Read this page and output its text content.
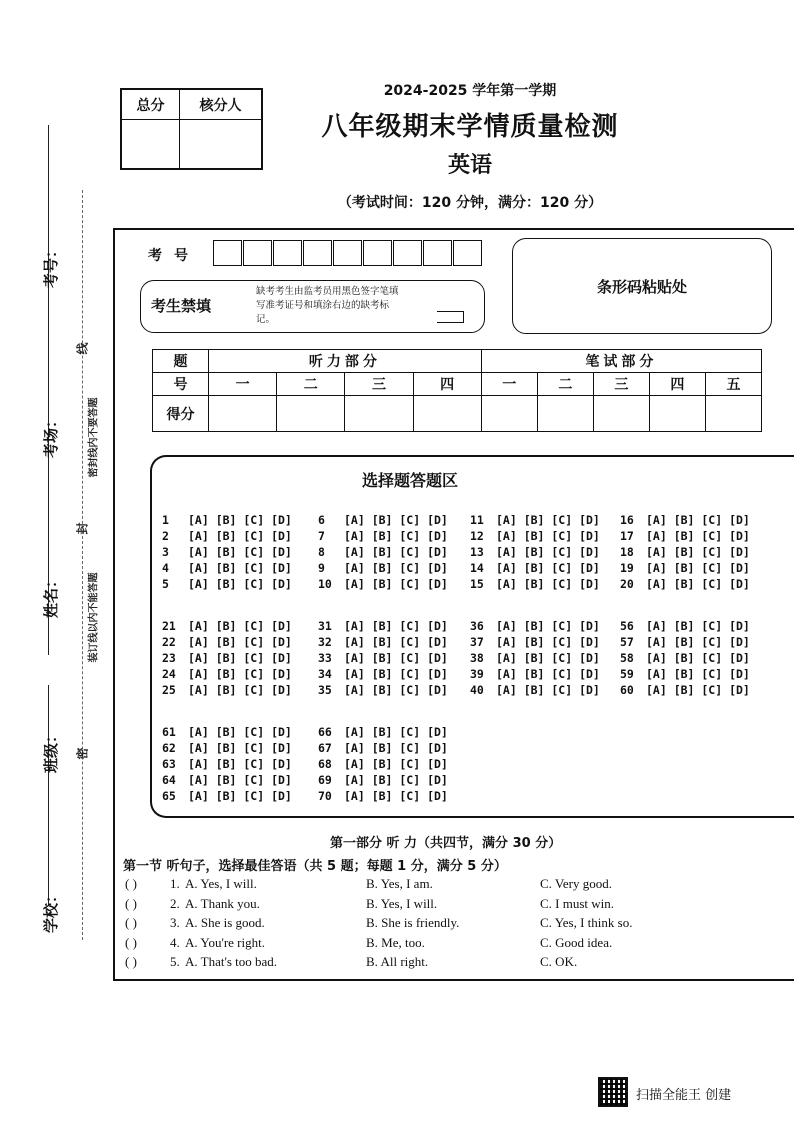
总分	核分人
2024-2025 学年第一学期
八年级期末学情质量检测
英语
（考试时间：120 分钟，满分：120 分）
考号：
考场：
姓名：
班级：
学校：
线
封
密
密封线内不要答题
装订线以内不能答题
考号
考生禁填
缺考考生由监考员用黑色签字笔填写准考证号和填涂右边的缺考标记。
条形码粘贴处
题	听力部分				笔试部分				
号	一	二	三	四	一	二	三	四	五
得分									
选择题答题区
1	[A] [B] [C] [D]
2	[A] [B] [C] [D]
3	[A] [B] [C] [D]
4	[A] [B] [C] [D]
5	[A] [B] [C] [D]
6	[A] [B] [C] [D]
7	[A] [B] [C] [D]
8	[A] [B] [C] [D]
9	[A] [B] [C] [D]
10	[A] [B] [C] [D]
11	[A] [B] [C] [D]
12	[A] [B] [C] [D]
13	[A] [B] [C] [D]
14	[A] [B] [C] [D]
15	[A] [B] [C] [D]
16	[A] [B] [C] [D]
17	[A] [B] [C] [D]
18	[A] [B] [C] [D]
19	[A] [B] [C] [D]
20	[A] [B] [C] [D]
21	[A] [B] [C] [D]
22	[A] [B] [C] [D]
23	[A] [B] [C] [D]
24	[A] [B] [C] [D]
25	[A] [B] [C] [D]
31	[A] [B] [C] [D]
32	[A] [B] [C] [D]
33	[A] [B] [C] [D]
34	[A] [B] [C] [D]
35	[A] [B] [C] [D]
36	[A] [B] [C] [D]
37	[A] [B] [C] [D]
38	[A] [B] [C] [D]
39	[A] [B] [C] [D]
40	[A] [B] [C] [D]
56	[A] [B] [C] [D]
57	[A] [B] [C] [D]
58	[A] [B] [C] [D]
59	[A] [B] [C] [D]
60	[A] [B] [C] [D]
61	[A] [B] [C] [D]
62	[A] [B] [C] [D]
63	[A] [B] [C] [D]
64	[A] [B] [C] [D]
65	[A] [B] [C] [D]
66	[A] [B] [C] [D]
67	[A] [B] [C] [D]
68	[A] [B] [C] [D]
69	[A] [B] [C] [D]
70	[A] [B] [C] [D]
第一部分 听 力（共四节，满分 30 分）
第一节 听句子，选择最佳答语（共 5 题；每题 1 分，满分 5 分）
( )	1. A. Yes, I will.	B. Yes, I am.	C. Very good.
( )	2. A. Thank you.	B. Yes, I will.	C. I must win.
( )	3. A. She is good.	B. She is friendly.	C. Yes, I think so.
( )	4. A. You're right.	B. Me, too.	C. Good idea.
( )	5. A. That's too bad.	B. All right.	C. OK.
扫描全能王 创建
